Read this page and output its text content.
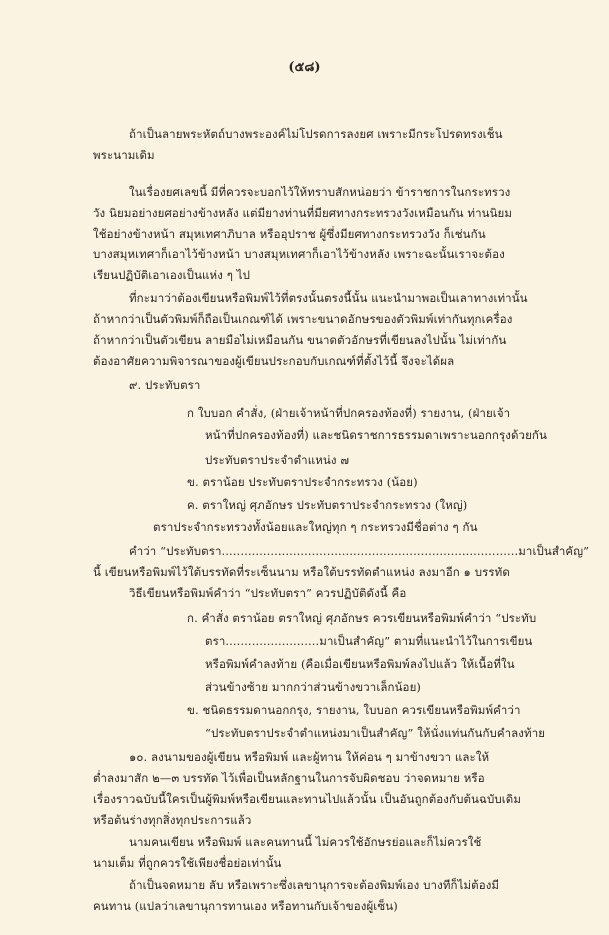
(๕๘)
ถ้าเป็นลายพระหัตถ์บางพระองค์ไม่โปรดการลงยศ เพราะมีกระโปรดทรงเช็น
พระนามเดิม
ในเรื่องยศเลขนี้ มีที่ควรจะบอกไว้ให้ทราบสักหน่อยว่า ข้าราชการในกระทรวง
วัง นิยมอย่างยศอย่างข้างหลัง แต่มียางท่านที่มียศทางกระทรวงวังเหมือนกัน ท่านนิยม
ใช้อย่างข้างหน้า สมุหเทศาภิบาล หรืออุปราช ผู้ซึ่งมียศทางกระทรวงวัง ก็เช่นกัน
บางสมุหเทศาก็เอาไว้ข้างหน้า บางสมุหเทศาก็เอาไว้ข้างหลัง เพราะฉะนั้นเราจะต้อง
เรียนปฏิบัติเอาเองเป็นแห่ง ๆ ไป
ที่กะมาว่าต้องเขียนหรือพิมพ์ไว้ที่ตรงนั้นตรงนี้นั้น แนะนำมาพอเป็นเลาทางเท่านั้น
ถ้าหากว่าเป็นตัวพิมพ์ก็ถือเป็นเกณฑ์ได้ เพราะขนาดอักษรของตัวพิมพ์เท่ากันทุกเครื่อง
ถ้าหากว่าเป็นตัวเขียน ลายมือไม่เหมือนกัน ขนาดตัวอักษรที่เขียนลงไปนั้น ไม่เท่ากัน
ต้องอาศัยความพิจารณาของผู้เขียนประกอบกับเกณฑ์ที่ตั้งไว้นี้ จึงจะได้ผล
๙. ประทับตรา
ก ใบบอก คำสั่ง, (ฝ่ายเจ้าหน้าที่ปกครองท้องที่) รายงาน, (ฝ่ายเจ้า
หน้าที่ปกครองท้องที่) และชนิดราชการธรรมดาเพราะนอกกรุงด้วยกัน
ประทับตราประจำตำแหน่ง ๗
ข. ตราน้อย ประทับตราประจำกระทรวง (น้อย)
ค. ตราใหญ่ ศุภอักษร ประทับตราประจำกระทรวง (ใหญ่)
ตราประจำกระทรวงทั้งน้อยและใหญ่ทุก ๆ กระทรวงมีชื่อต่าง ๆ กัน
คำว่า “ประทับตรา...............................................................................มาเป็นสำคัญ”
นี้ เขียนหรือพิมพ์ไว้ใต้บรรทัดที่ระเซ็นนาม หรือใต้บรรทัดตำแหน่ง ลงมาอีก ๑ บรรทัด
วิธีเขียนหรือพิมพ์คำว่า “ประทับตรา” ควรปฏิบัติดังนี้ คือ
ก. คำสั่ง ตราน้อย ตราใหญ่ ศุภอักษร ควรเขียนหรือพิมพ์คำว่า “ประทับ
ตรา.........................มาเป็นสำคัญ” ตามที่แนะนำไว้ในการเขียน
หรือพิมพ์คำลงท้าย (คือเมื่อเขียนหรือพิมพ์ลงไปแล้ว ให้เนื้อที่ใน
ส่วนข้างซ้าย มากกว่าส่วนข้างขวาเล็กน้อย)
ข. ชนิดธรรมดานอกกรุง, รายงาน, ใบบอก ควรเขียนหรือพิมพ์คำว่า
“ประทับตราประจำตำแหน่งมาเป็นสำคัญ” ให้นั่งแท่นกันกับคำลงท้าย
๑๐. ลงนามของผู้เขียน หรือพิมพ์ และผู้ทาน ให้ค่อน ๆ มาข้างขวา และให้
ต่ำลงมาสัก ๒—๓ บรรทัด ไว้เพื่อเป็นหลักฐานในการจับผิดชอบ ว่าจดหมาย หรือ
เรื่องราวฉบับนี้ใครเป็นผู้พิมพ์หรือเขียนและทานไปแล้วนั้น เป็นอันถูกต้องกับต้นฉบับเดิม
หรือต้นร่างทุกสิ่งทุกประการแล้ว
นามคนเขียน หรือพิมพ์ และคนทานนี้ ไม่ควรใช้อักษรย่อและก็ไม่ควรใช้
นามเต็ม ที่ถูกควรใช้เพียงชื่อย่อเท่านั้น
ถ้าเป็นจดหมาย ลับ หรือเพราะซึ่งเลขานุการจะต้องพิมพ์เอง บางทีก็ไม่ต้องมี
คนทาน (แปลว่าเลขานุการทานเอง หรือทานกับเจ้าของผู้เซ็น)
